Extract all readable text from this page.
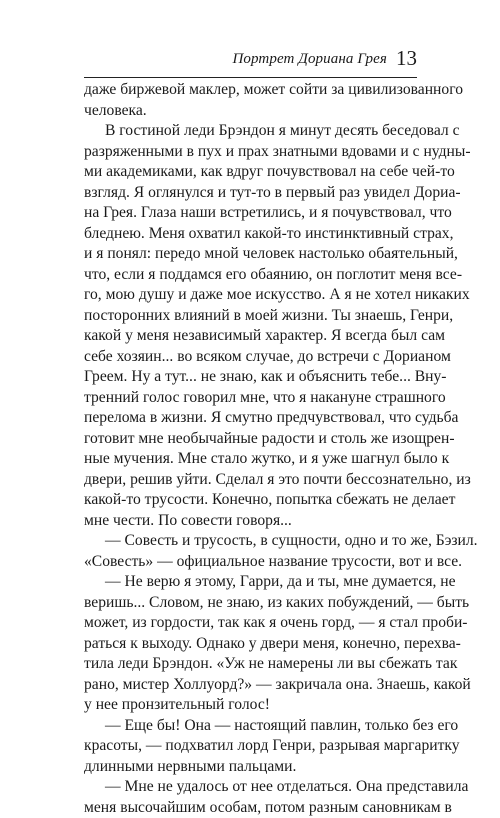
Портрет Дориана Грея 13
даже биржевой маклер, может сойти за цивилизованного
человека.
В гостиной леди Брэндон я минут десять беседовал с
разряженными в пух и прах знатными вдовами и с нудны-
ми академиками, как вдруг почувствовал на себе чей-то
взгляд. Я оглянулся и тут-то в первый раз увидел Дориа-
на Грея. Глаза наши встретились, и я почувствовал, что
бледнею. Меня охватил какой-то инстинктивный страх,
и я понял: передо мной человек настолько обаятельный,
что, если я поддамся его обаянию, он поглотит меня все-
го, мою душу и даже мое искусство. А я не хотел никаких
посторонних влияний в моей жизни. Ты знаешь, Генри,
какой у меня независимый характер. Я всегда был сам
себе хозяин... во всяком случае, до встречи с Дорианом
Греем. Ну а тут... не знаю, как и объяснить тебе... Вну-
тренний голос говорил мне, что я накануне страшного
перелома в жизни. Я смутно предчувствовал, что судьба
готовит мне необычайные радости и столь же изощрен-
ные мучения. Мне стало жутко, и я уже шагнул было к
двери, решив уйти. Сделал я это почти бессознательно, из
какой-то трусости. Конечно, попытка сбежать не делает
мне чести. По совести говоря...
— Совесть и трусость, в сущности, одно и то же, Бэзил.
«Совесть» — официальное название трусости, вот и все.
— Не верю я этому, Гарри, да и ты, мне думается, не
веришь... Словом, не знаю, из каких побуждений, — быть
может, из гордости, так как я очень горд, — я стал проби-
раться к выходу. Однако у двери меня, конечно, перехва-
тила леди Брэндон. «Уж не намерены ли вы сбежать так
рано, мистер Холлуорд?» — закричала она. Знаешь, какой
у нее пронзительный голос!
— Еще бы! Она — настоящий павлин, только без его
красоты, — подхватил лорд Генри, разрывая маргаритку
длинными нервными пальцами.
— Мне не удалось от нее отделаться. Она представила
меня высочайшим особам, потом разным сановникам в
